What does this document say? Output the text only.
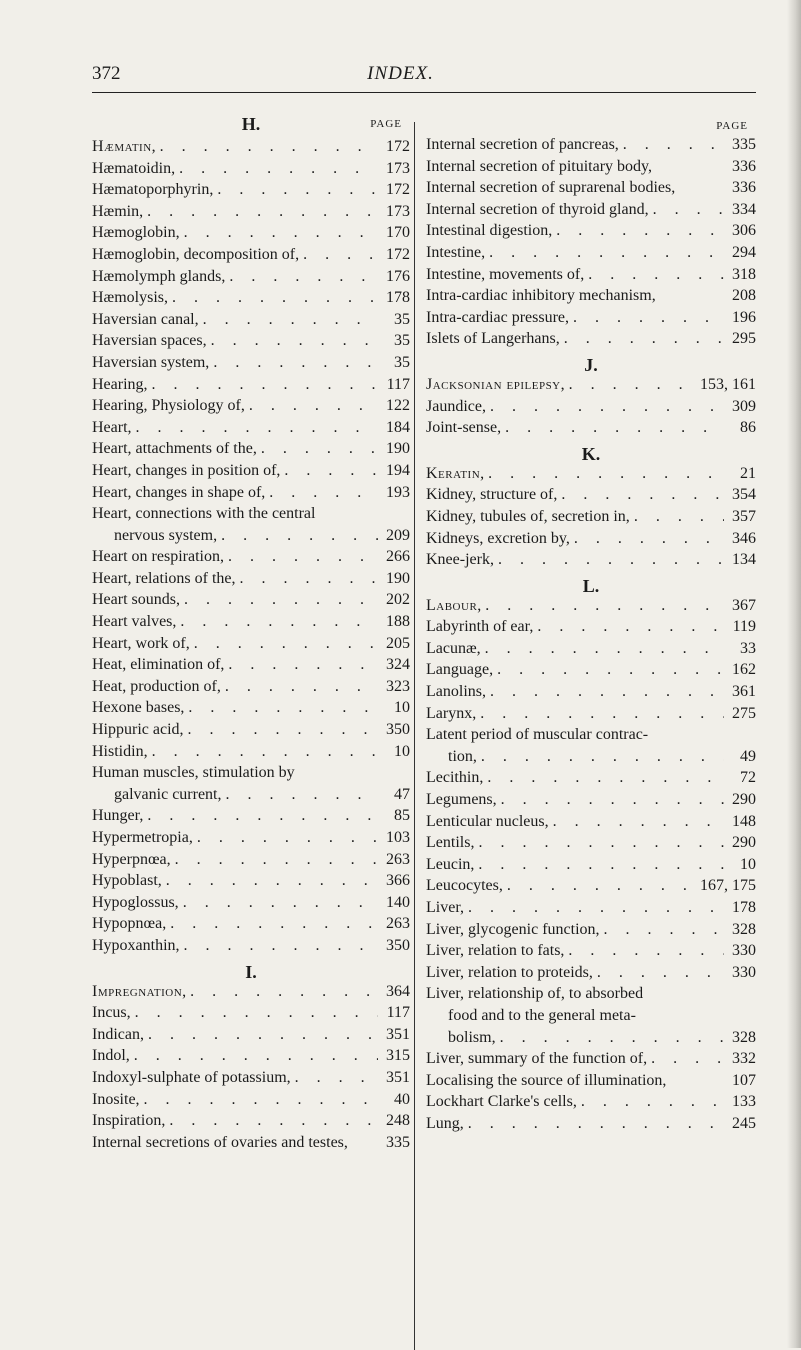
372	INDEX.
H.	PAGE
Hæmatin, . . .	172
Hæmatoidin, . . .	173
Hæmatoporphyrin, . . .	172
Hæmin, . . .	173
Hæmoglobin, . . .	170
Hæmoglobin, decomposition of, . . .	172
Hæmolymph glands, . . .	176
Hæmolysis, . . .	178
Haversian canal, . . .	35
Haversian spaces, . . .	35
Haversian system, . . .	35
Hearing, . . .	117
Hearing, Physiology of, . . .	122
Heart, . . .	184
Heart, attachments of the, . . .	190
Heart, changes in position of, . . .	194
Heart, changes in shape of, . . .	193
Heart, connections with the central
nervous system, . . .	209
Heart on respiration, . . .	266
Heart, relations of the, . . .	190
Heart sounds, . . .	202
Heart valves, . . .	188
Heart, work of, . . .	205
Heat, elimination of, . . .	324
Heat, production of, . . .	323
Hexone bases, . . .	10
Hippuric acid, . . .	350
Histidin, . . .	10
Human muscles, stimulation by
galvanic current, . . .	47
Hunger, . . .	85
Hypermetropia, . . .	103
Hyperpnœa, . . .	263
Hypoblast, . . .	366
Hypoglossus, . . .	140
Hypopnœa, . . .	263
Hypoxanthin, . . .	350
I.
Impregnation, . . .	364
Incus, . . .	117
Indican, . . .	351
Indol, . . .	315
Indoxyl-sulphate of potassium, . . .	351
Inosite, . . .	40
Inspiration, . . .	248
Internal secretions of ovaries and testes,	335
PAGE
Internal secretion of pancreas, . . .	335
Internal secretion of pituitary body,	336
Internal secretion of suprarenal bodies,	336
Internal secretion of thyroid gland, . . .	334
Intestinal digestion, . . .	306
Intestine, . . .	294
Intestine, movements of, . . .	318
Intra-cardiac inhibitory mechanism,	208
Intra-cardiac pressure, . . .	196
Islets of Langerhans, . . .	295
J.
Jacksonian epilepsy, . . .	153, 161
Jaundice, . . .	309
Joint-sense, . . .	86
K.
Keratin, . . .	21
Kidney, structure of, . . .	354
Kidney, tubules of, secretion in, . . .	357
Kidneys, excretion by, . . .	346
Knee-jerk, . . .	134
L.
Labour, . . .	367
Labyrinth of ear, . . .	119
Lacunæ, . . .	33
Language, . . .	162
Lanolins, . . .	361
Larynx, . . .	275
Latent period of muscular contrac-
tion, . . .	49
Lecithin, . . .	72
Legumens, . . .	290
Lenticular nucleus, . . .	148
Lentils, . . .	290
Leucin, . . .	10
Leucocytes, . . .	167, 175
Liver, . . .	178
Liver, glycogenic function, . . .	328
Liver, relation to fats, . . .	330
Liver, relation to proteids, . . .	330
Liver, relationship of, to absorbed
food and to the general meta-
bolism, . . .	328
Liver, summary of the function of, . . .	332
Localising the source of illumination,	107
Lockhart Clarke's cells, . . .	133
Lung, . . .	245
